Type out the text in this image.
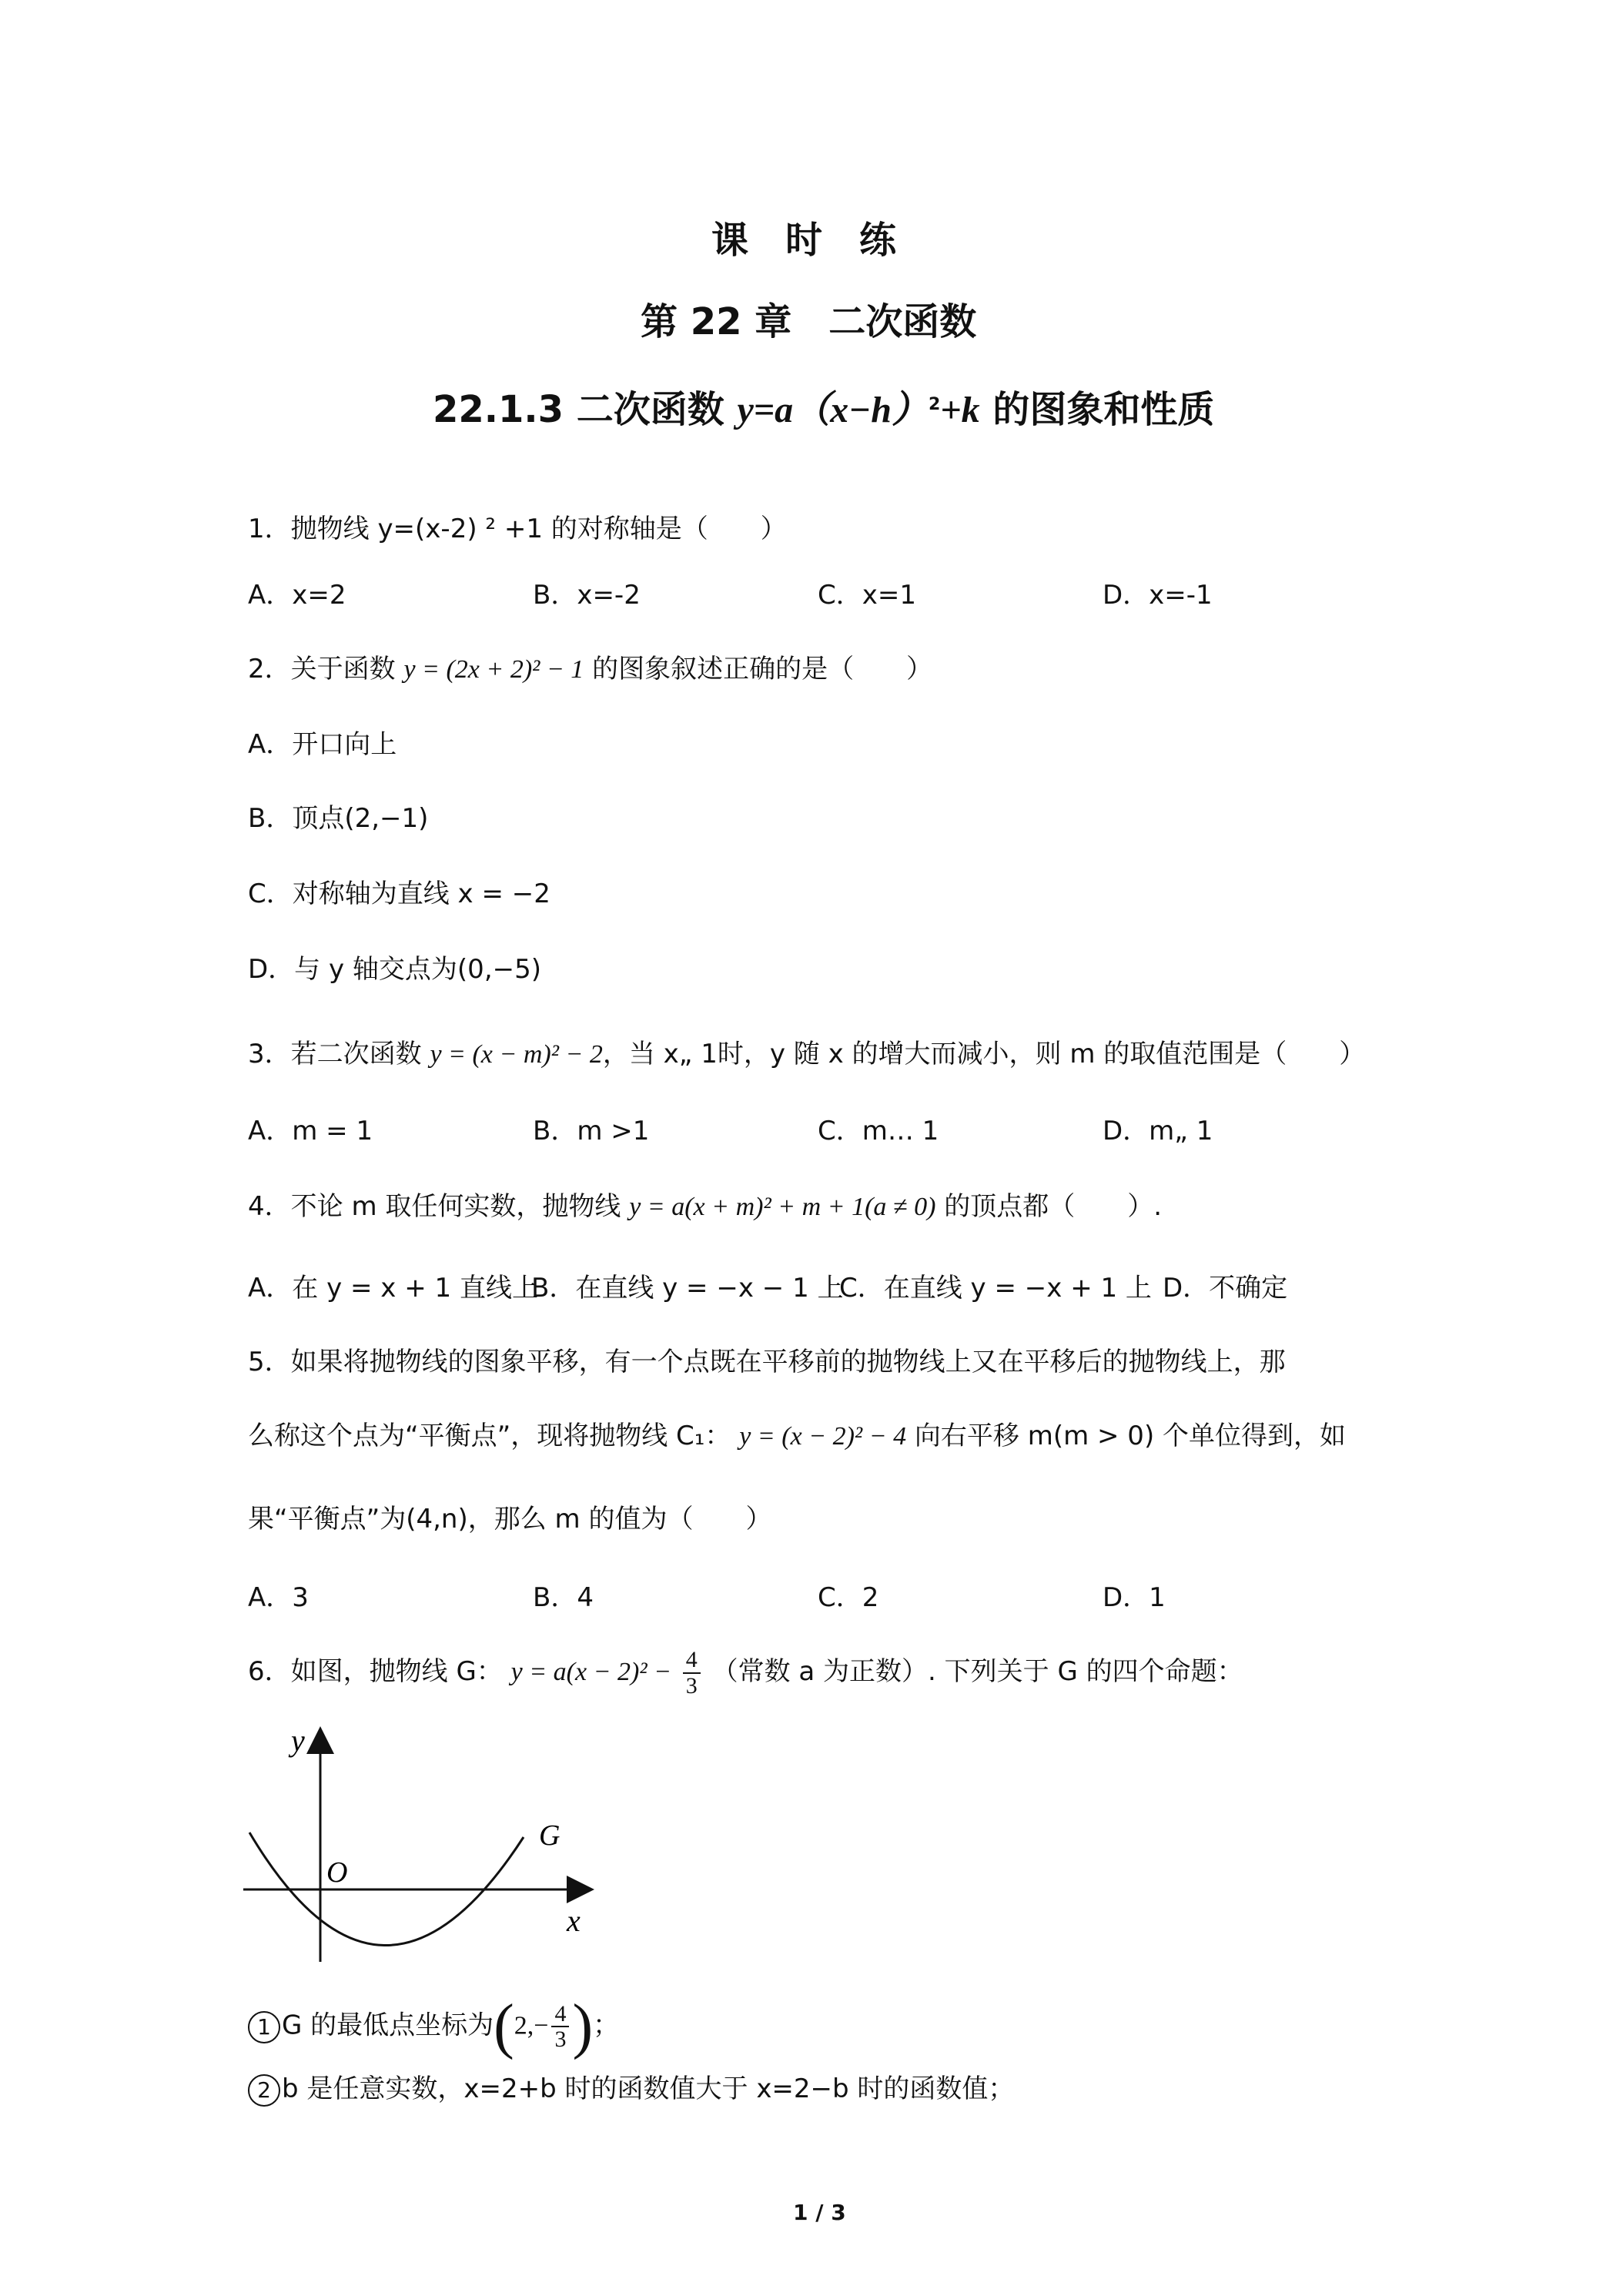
课　时　练
第 22 章　二次函数
22.1.3 二次函数 $y=a(x-h)^2+k$ 的图象和性质
1．抛物线 y=(x-2) ² +1 的对称轴是（　　）
A．x=2	B．x=-2	C．x=1	D．x=-1
2．关于函数 y = (2x + 2)² − 1 的图象叙述正确的是（　　）
A．开口向上
B．顶点(2,−1)
C．对称轴为直线 x = −2
D．与 y 轴交点为(0,−5)
3．若二次函数 y = (x − m)² − 2，当 x„ 1时，y 随 x 的增大而减小，则 m 的取值范围是（　　）
A．m = 1	B．m >1	C．m… 1	D．m„ 1
4．不论 m 取任何实数，抛物线 y = a(x + m)² + m + 1(a ≠ 0) 的顶点都（　　）.
A．在 y = x + 1 直线上
B．在直线 y = −x − 1 上
C．在直线 y = −x + 1 上 D．不确定
5．如果将抛物线的图象平移，有一个点既在平移前的抛物线上又在平移后的抛物线上，那
么称这个点为“平衡点”，现将抛物线 C₁： y = (x − 2)² − 4 向右平移 m(m > 0) 个单位得到，如
果“平衡点”为(4,n)，那么 m 的值为（　　）
A．3	B．4	C．2	D．1
6．如图，抛物线 G： $y = a(x - 2)^2 - \frac{4}{3}$ （常数 a 为正数）. 下列关于 G 的四个命题：
y
x
O
G
1 G 的最低点坐标为($2,- \frac{4}{3}$ )；
2 b 是任意实数，x=2+b 时的函数值大于 x=2−b 时的函数值；
1 / 3
